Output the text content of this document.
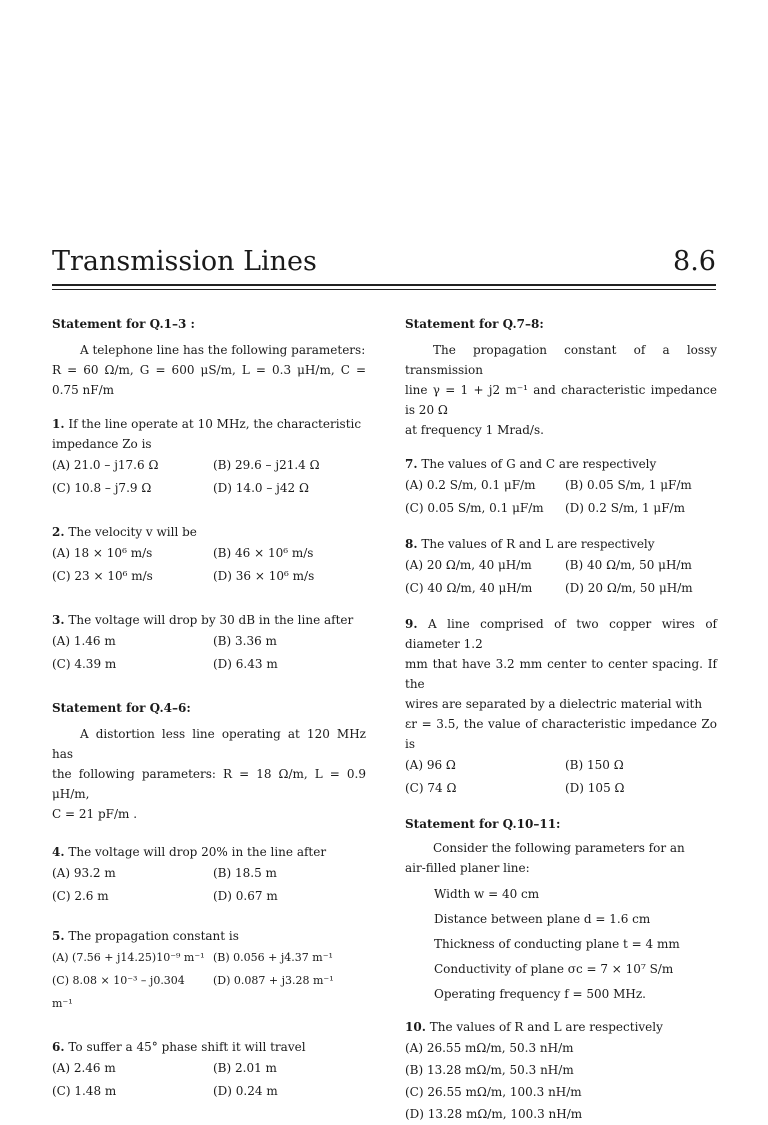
Transmission Lines	8.6
Statement for Q.1–3 :
A telephone line has the following parameters:
R = 60 Ω/m, G = 600 μS/m, L = 0.3 μH/m, C = 0.75 nF/m
1. If the line operate at 10 MHz, the characteristic
impedance Zo is
(A) 21.0 – j17.6 Ω	(B) 29.6 – j21.4 Ω
(C) 10.8 – j7.9 Ω	(D) 14.0 – j42 Ω
2. The velocity v will be
(A) 18 × 10⁶ m/s	(B) 46 × 10⁶ m/s
(C) 23 × 10⁶ m/s	(D) 36 × 10⁶ m/s
3. The voltage will drop by 30 dB in the line after
(A) 1.46 m	(B) 3.36 m
(C) 4.39 m	(D) 6.43 m
Statement for Q.4–6:
A distortion less line operating at 120 MHz has
the following parameters: R = 18 Ω/m, L = 0.9 μH/m,
C = 21 pF/m .
4. The voltage will drop 20% in the line after
(A) 93.2 m	(B) 18.5 m
(C) 2.6 m	(D) 0.67 m
5. The propagation constant is
(A) (7.56 + j14.25)10⁻⁹ m⁻¹ (B) 0.056 + j4.37 m⁻¹
(C) 8.08 × 10⁻³ – j0.304 m⁻¹
(D) 0.087 + j3.28 m⁻¹
6. To suffer a 45° phase shift it will travel
(A) 2.46 m	(B) 2.01 m
(C) 1.48 m	(D) 0.24 m
Statement for Q.7–8:
The propagation constant of a lossy transmission
line γ = 1 + j2 m⁻¹ and characteristic impedance is 20 Ω
at frequency 1 Mrad/s.
7. The values of G and C are respectively
(A) 0.2 S/m, 0.1 μF/m	(B) 0.05 S/m, 1 μF/m
(C) 0.05 S/m, 0.1 μF/m	(D) 0.2 S/m, 1 μF/m
8. The values of R and L are respectively
(A) 20 Ω/m, 40 μH/m	(B) 40 Ω/m, 50 μH/m
(C) 40 Ω/m, 40 μH/m	(D) 20 Ω/m, 50 μH/m
9. A line comprised of two copper wires of diameter 1.2
mm that have 3.2 mm center to center spacing. If the
wires are separated by a dielectric material with
εr = 3.5, the value of characteristic impedance Zo is
(A) 96 Ω	(B) 150 Ω
(C) 74 Ω	(D) 105 Ω
Statement for Q.10–11:
Consider the following parameters for an
air-filled planer line:
Width w = 40 cm
Distance between plane d = 1.6 cm
Thickness of conducting plane t = 4 mm
Conductivity of plane σc = 7 × 10⁷ S/m
Operating frequency f = 500 MHz.
10. The values of R and L are respectively
(A) 26.55 mΩ/m, 50.3 nH/m
(B) 13.28 mΩ/m, 50.3 nH/m
(C) 26.55 mΩ/m, 100.3 nH/m
(D) 13.28 mΩ/m, 100.3 nH/m
